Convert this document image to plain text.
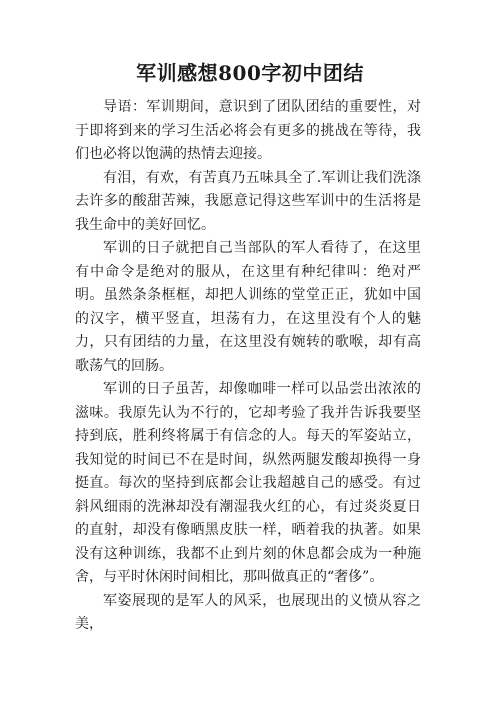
军训感想800字初中团结

导语：军训期间，意识到了团队团结的重要性，对于即将到来的学习生活必将会有更多的挑战在等待，我们也必将以饱满的热情去迎接。

有泪，有欢，有苦真乃五味具全了.军训让我们洗涤去许多的酸甜苦辣，我愿意记得这些军训中的生活将是我生命中的美好回忆。

军训的日子就把自己当部队的军人看待了，在这里有中命令是绝对的服从，在这里有种纪律叫：绝对严明。虽然条条框框，却把人训练的堂堂正正，犹如中国的汉字，横平竖直，坦荡有力，在这里没有个人的魅力，只有团结的力量，在这里没有婉转的歌喉，却有高歌荡气的回肠。

军训的日子虽苦，却像咖啡一样可以品尝出浓浓的滋味。我原先认为不行的，它却考验了我并告诉我要坚持到底，胜利终将属于有信念的人。每天的军姿站立，我知觉的时间已不在是时间，纵然两腿发酸却换得一身挺直。每次的坚持到底都会让我超越自己的感受。有过斜风细雨的洗淋却没有潮湿我火红的心，有过炎炎夏日的直射，却没有像晒黑皮肤一样，晒着我的执著。如果没有这种训练，我都不止到片刻的休息都会成为一种施舍，与平时休闲时间相比，那叫做真正的“奢侈”。

军姿展现的是军人的风采，也展现出的义愤从容之美，
